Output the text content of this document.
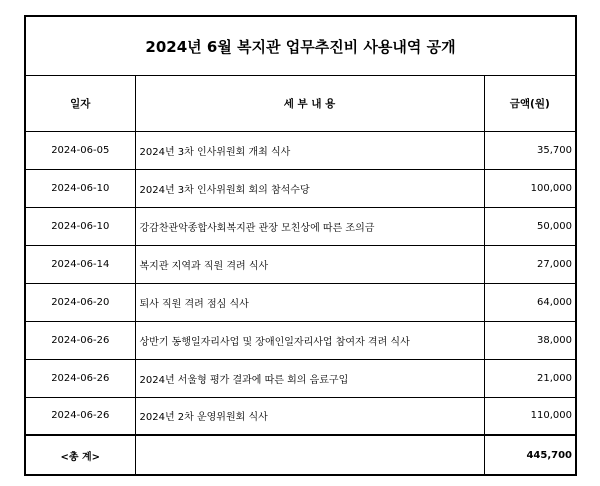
2024년 6월 복지관 업무추진비 사용내역 공개
일자	세 부 내 용	금액(원)
2024-06-05	2024년 3차 인사위원회 개최 식사	35,700
2024-06-10	2024년 3차 인사위원회 회의 참석수당	100,000
2024-06-10	강감찬관악종합사회복지관 관장 모친상에 따른 조의금	50,000
2024-06-14	복지관 지역과 직원 격려 식사	27,000
2024-06-20	퇴사 직원 격려 점심 식사	64,000
2024-06-26	상반기 동행일자리사업 및 장애인일자리사업 참여자 격려 식사	38,000
2024-06-26	2024년 서울형 평가 결과에 따른 회의 음료구입	21,000
2024-06-26	2024년 2차 운영위원회 식사	110,000
<총 계>		445,700
